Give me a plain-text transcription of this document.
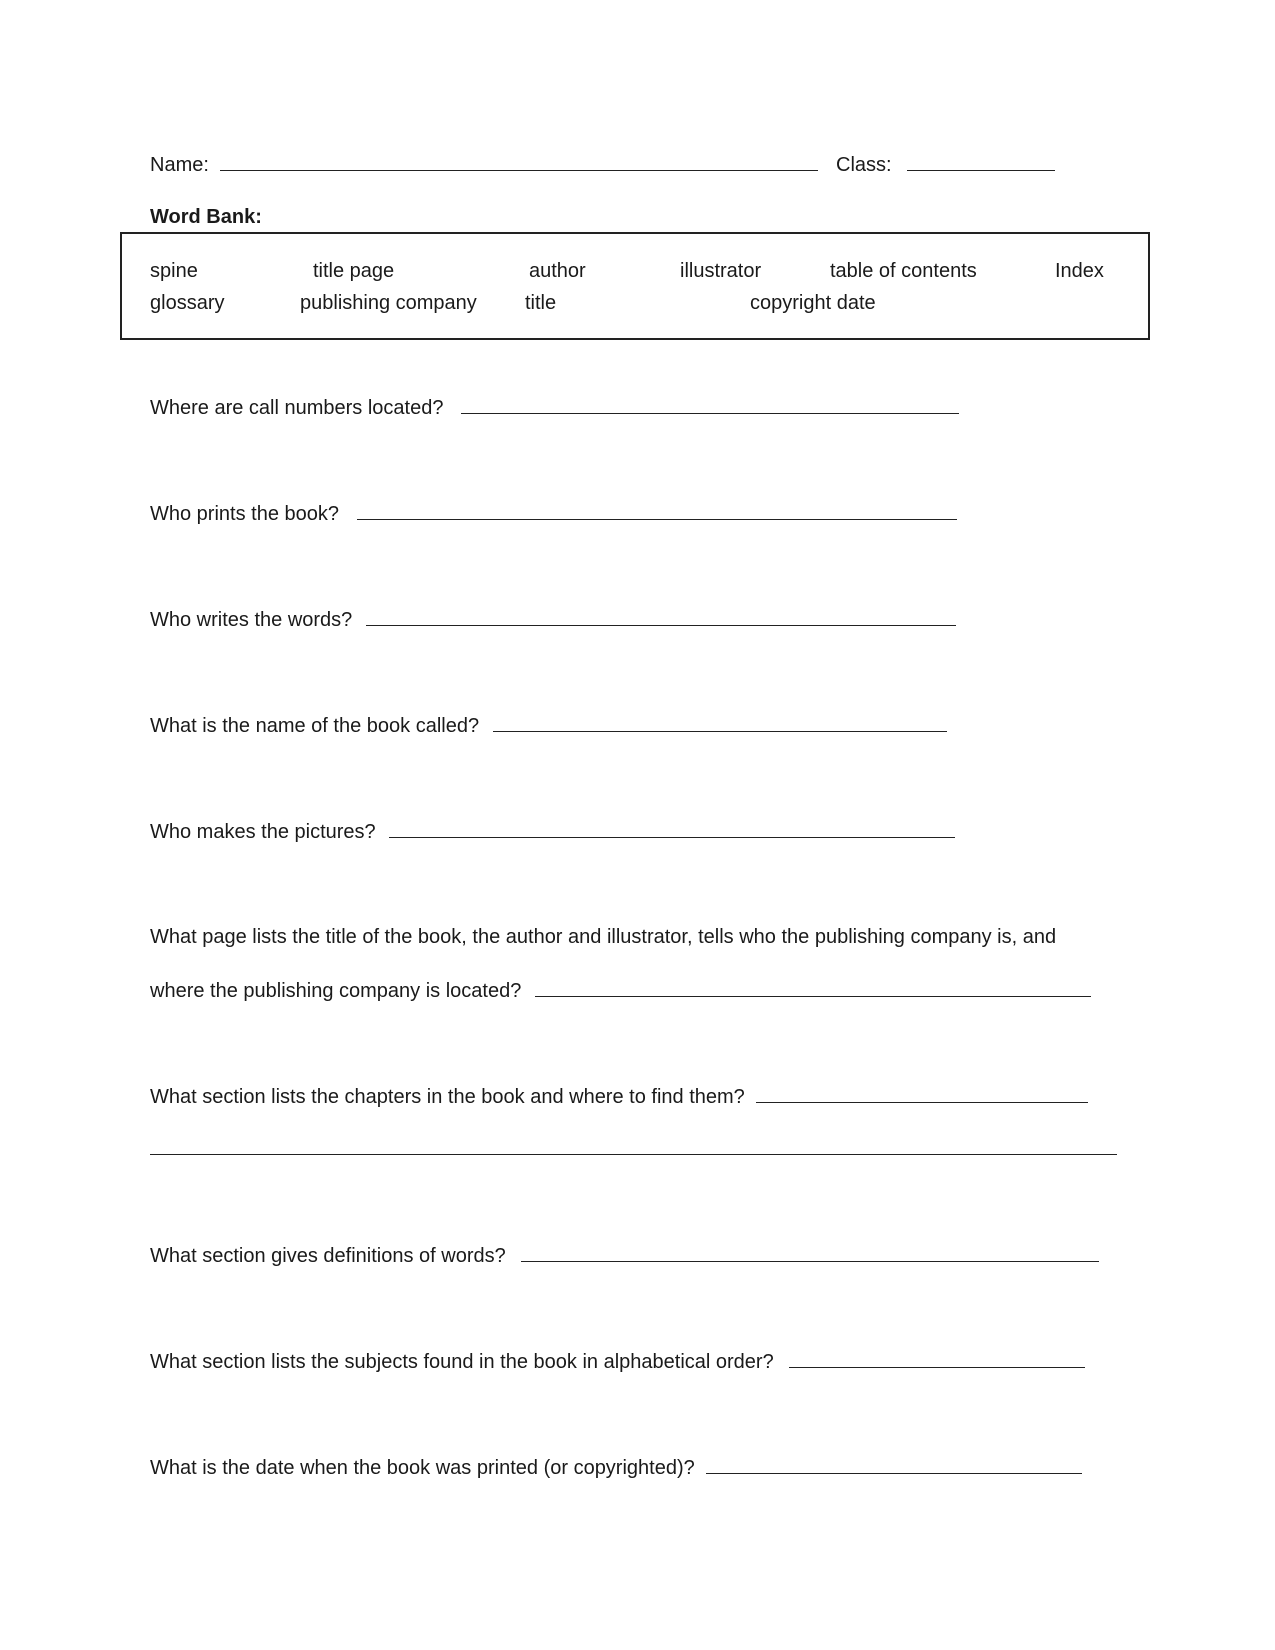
Name:	Class:
Word Bank:
spine	title page	author	illustrator	table of contents	Index
glossary	publishing company title	copyright date
Where are call numbers located?
Who prints the book?
Who writes the words?
What is the name of the book called?
Who makes the pictures?
What page lists the title of the book, the author and illustrator, tells who the publishing company is, and
where the publishing company is located?
What section lists the chapters in the book and where to find them?
What section gives definitions of words?
What section lists the subjects found in the book in alphabetical order?
What is the date when the book was printed (or copyrighted)?
